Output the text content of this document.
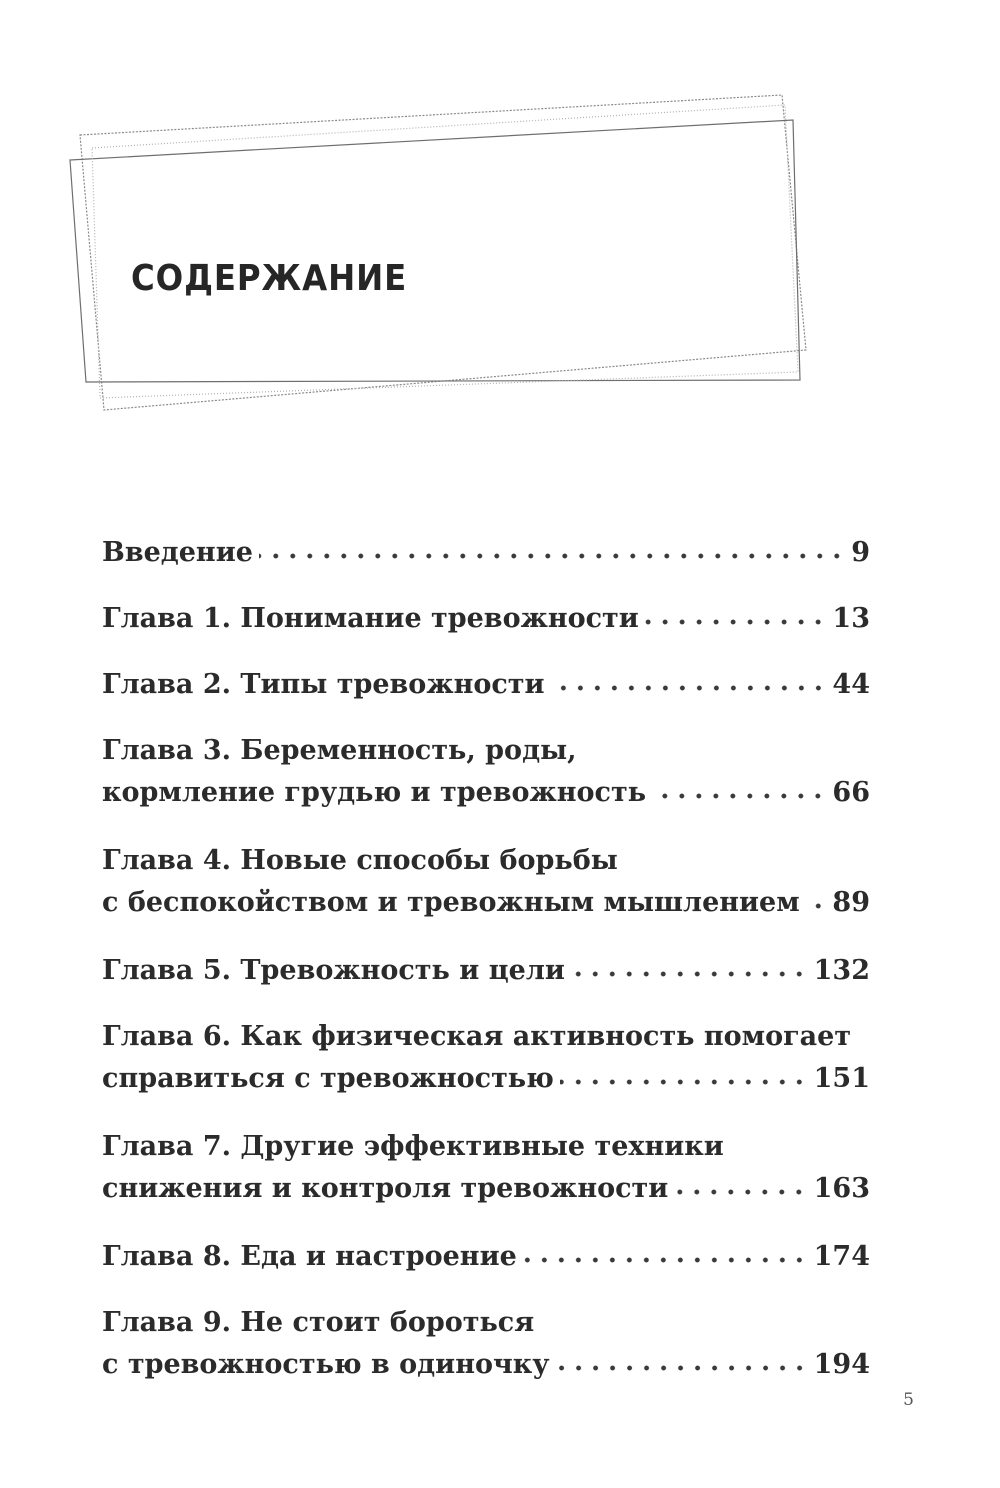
СОДЕРЖАНИЕ
Введение	9
Глава 1. Понимание тревожности	13
Глава 2. Типы тревожности	44
Глава 3. Беременность, роды,
кормление грудью и тревожность	66
Глава 4. Новые способы борьбы
с беспокойством и тревожным мышлением 89
Глава 5. Тревожность и цели	132
Глава 6. Как физическая активность помогает
справиться с тревожностью	151
Глава 7. Другие эффективные техники
снижения и контроля тревожности	163
Глава 8. Еда и настроение	174
Глава 9. Не стоит бороться
с тревожностью в одиночку	194
5
